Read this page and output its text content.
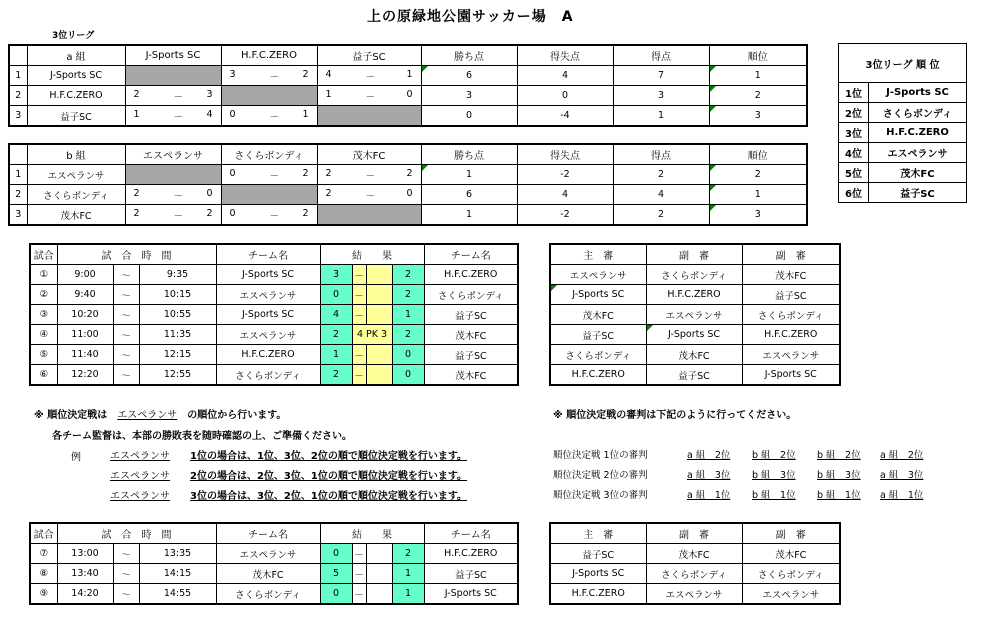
上の原緑地公園サッカー場　A
3位リーグ
	a 組	J-Sports SC	H.F.C.ZERO	益子SC	勝ち点	得失点	得点	順位
1	J-Sports SC		3 － 2	4 － 1	6	4	7	1
2	H.F.C.ZERO	2 － 3		1 － 0	3	0	3	2
3	益子SC	1 － 4	0 － 1		0	-4	1	3
	b 組	エスペランサ	さくらボンディ	茂木FC	勝ち点	得失点	得点	順位
1	エスペランサ		0 － 2	2 － 2	1	-2	2	2
2	さくらボンディ	2 － 0		2 － 0	6	4	4	1
3	茂木FC	2 － 2	0 － 2		1	-2	2	3
3位リーグ 順 位	
1位	J-Sports SC
2位	さくらボンディ
3位	H.F.C.ZERO
4位	エスペランサ
5位	茂木FC
6位	益子SC
試合	試　合　時　間			チーム名	結　　果				チーム名
①	9:00	～	9:35	J-Sports SC	3	－		2	H.F.C.ZERO
②	9:40	～	10:15	エスペランサ	0	－		2	さくらボンディ
③	10:20	～	10:55	J-Sports SC	4	－		1	益子SC
④	11:00	～	11:35	エスペランサ	2	4 PK 3		2	茂木FC
⑤	11:40	～	12:15	H.F.C.ZERO	1	－		0	益子SC
⑥	12:20	～	12:55	さくらボンディ	2	－		0	茂木FC
主　審	副　審	副　審
エスペランサ	さくらボンディ	茂木FC
J-Sports SC	H.F.C.ZERO	益子SC
茂木FC	エスペランサ	さくらボンディ
益子SC	J-Sports SC	H.F.C.ZERO
さくらボンディ	茂木FC	エスペランサ
H.F.C.ZERO	益子SC	J-Sports SC
※ 順位決定戦は エスペランサ の順位から行います。
各チーム監督は、本部の勝敗表を随時確認の上、ご準備ください。
例	エスペランサ 1位の場合は、1位、3位、2位の順で順位決定戦を行います。
エスペランサ 2位の場合は、2位、3位、1位の順で順位決定戦を行います。
エスペランサ 3位の場合は、3位、2位、1位の順で順位決定戦を行います。
※ 順位決定戦の審判は下記のように行ってください。
順位決定戦 1位の審判	a 組　2位 b 組　2位 b 組　2位 a 組　2位
順位決定戦 2位の審判	a 組　3位 b 組　3位 b 組　3位 a 組　3位
順位決定戦 3位の審判	a 組　1位 b 組　1位 b 組　1位 a 組　1位
試合	試　合　時　間			チーム名	結　　果				チーム名
⑦	13:00	～	13:35	エスペランサ	0	－		2	H.F.C.ZERO
⑧	13:40	～	14:15	茂木FC	5	－		1	益子SC
⑨	14:20	～	14:55	さくらボンディ	0	－		1	J-Sports SC
主　審	副　審	副　審
益子SC	茂木FC	茂木FC
J-Sports SC	さくらボンディ	さくらボンディ
H.F.C.ZERO	エスペランサ	エスペランサ
